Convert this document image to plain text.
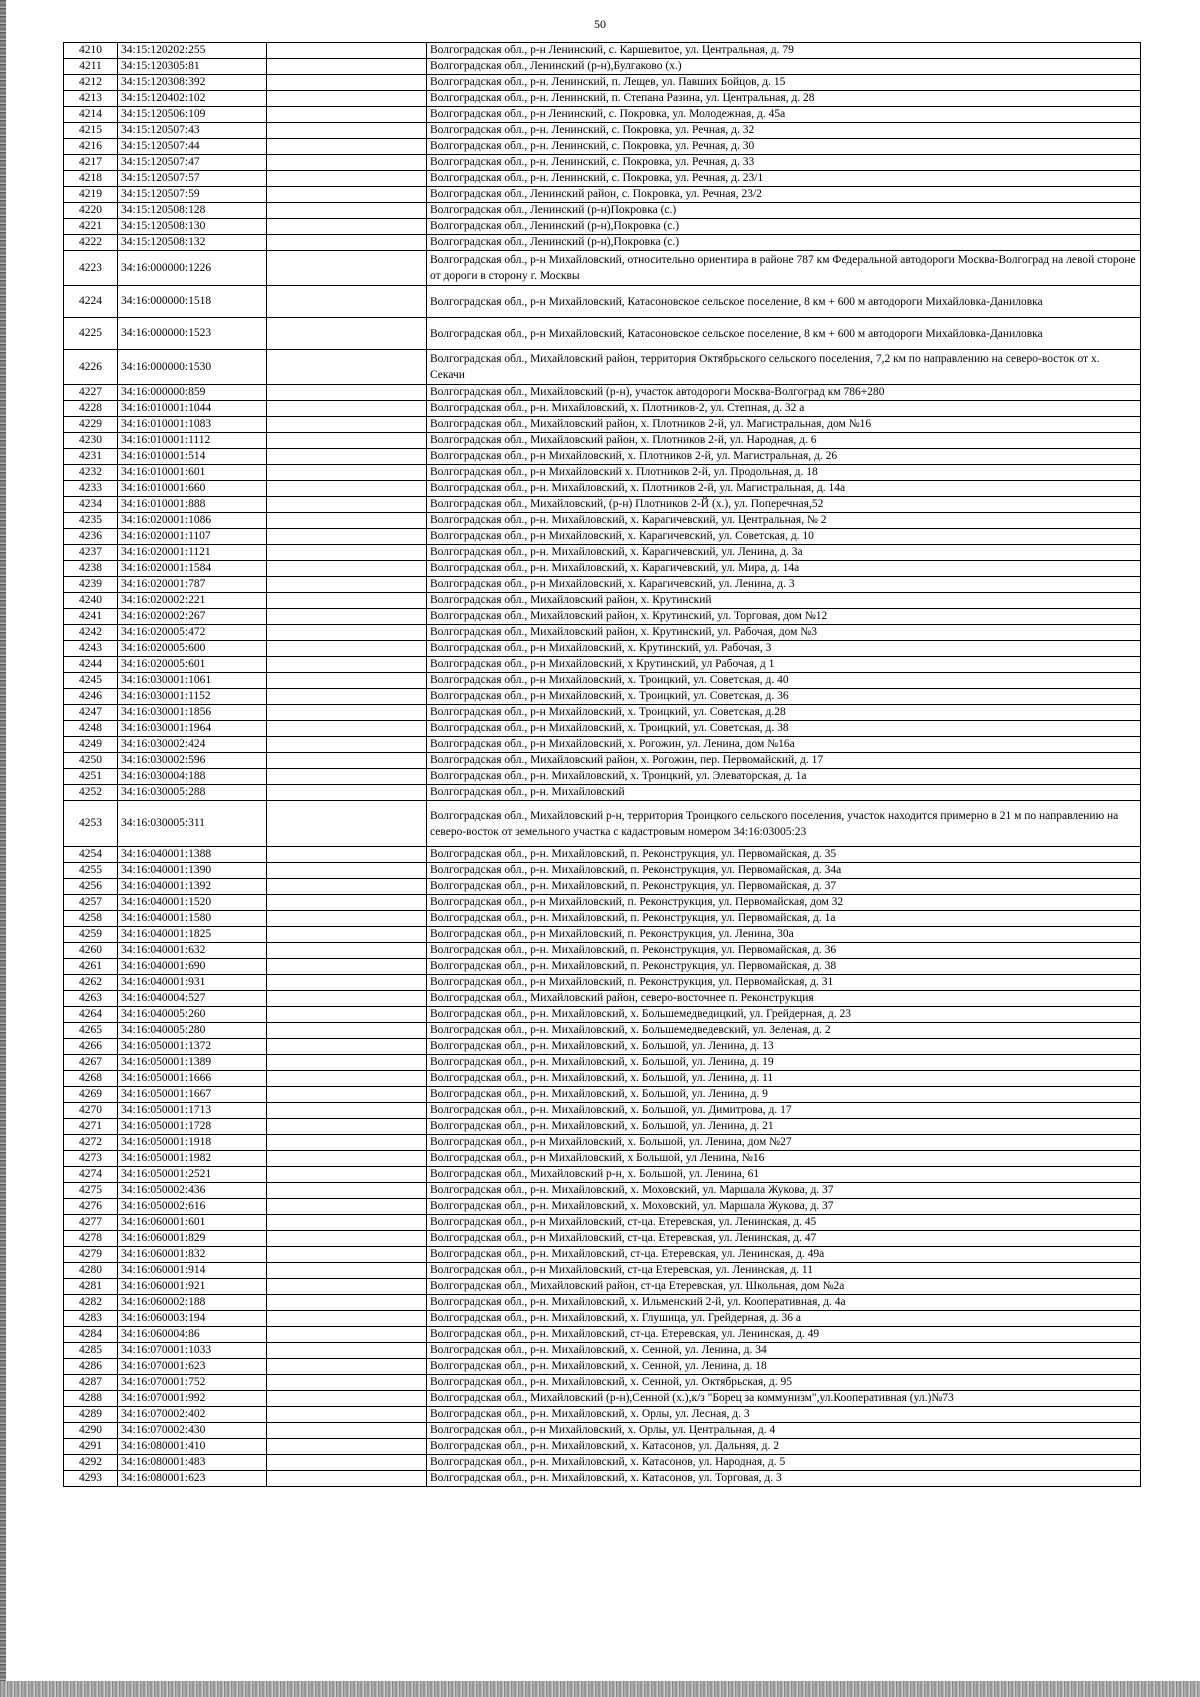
50
4210	34:15:120202:255		Волгоградская обл., р-н Ленинский, с. Каршевитое, ул. Центральная, д. 79
4211	34:15:120305:81		Волгоградская обл., Ленинский (р-н),Булгаково (х.)
4212	34:15:120308:392		Волгоградская обл., р-н. Ленинский, п. Лещев, ул. Павших Бойцов, д. 15
4213	34:15:120402:102		Волгоградская обл., р-н. Ленинский, п. Степана Разина, ул. Центральная, д. 28
4214	34:15:120506:109		Волгоградская обл., р-н Ленинский, с. Покровка, ул. Молодежная, д. 45а
4215	34:15:120507:43		Волгоградская обл., р-н. Ленинский, с. Покровка, ул. Речная, д. 32
4216	34:15:120507:44		Волгоградская обл., р-н. Ленинский, с. Покровка, ул. Речная, д. 30
4217	34:15:120507:47		Волгоградская обл., р-н. Ленинский, с. Покровка, ул. Речная, д. 33
4218	34:15:120507:57		Волгоградская обл., р-н. Ленинский, с. Покровка, ул. Речная, д. 23/1
4219	34:15:120507:59		Волгоградская обл., Ленинский район, с. Покровка, ул. Речная, 23/2
4220	34:15:120508:128		Волгоградская обл., Ленинский (р-н)Покровка (с.)
4221	34:15:120508:130		Волгоградская обл., Ленинский (р-н),Покровка (с.)
4222	34:15:120508:132		Волгоградская обл., Ленинский (р-н),Покровка (с.)
4223	34:16:000000:1226		Волгоградская обл., р-н Михайловский, относительно ориентира в районе 787 км Федеральной автодороги Москва-Волгоград на левой стороне от дороги в сторону г. Москвы
4224	34:16:000000:1518		Волгоградская обл., р-н Михайловский, Катасоновское сельское поселение, 8 км + 600 м автодороги Михайловка-Даниловка
4225	34:16:000000:1523		Волгоградская обл., р-н Михайловский, Катасоновское сельское поселение, 8 км + 600 м автодороги Михайловка-Даниловка
4226	34:16:000000:1530		Волгоградская обл., Михайловский район, территория Октябрьского сельского поселения, 7,2 км по направлению на северо-восток от х. Секачи
4227	34:16:000000:859		Волгоградская обл., Михайловский (р-н), участок автодороги Москва-Волгоград км 786+280
4228	34:16:010001:1044		Волгоградская обл., р-н. Михайловский, х. Плотников-2, ул. Степная, д. 32 а
4229	34:16:010001:1083		Волгоградская обл., Михайловский район, х. Плотников 2-й, ул. Магистральная, дом №16
4230	34:16:010001:1112		Волгоградская обл., Михайловский район, х. Плотников 2-й, ул. Народная, д. 6
4231	34:16:010001:514		Волгоградская обл., р-н Михайловский, х. Плотников 2-й, ул. Магистральная, д. 26
4232	34:16:010001:601		Волгоградская обл., р-н Михайловский х. Плотников 2-й, ул. Продольная, д. 18
4233	34:16:010001:660		Волгоградская обл., р-н. Михайловский, х. Плотников 2-й, ул. Магистральная, д. 14а
4234	34:16:010001:888		Волгоградская обл., Михайловский, (р-н) Плотников 2-Й (х.), ул. Поперечная,52
4235	34:16:020001:1086		Волгоградская обл., р-н. Михайловский, х. Карагичевский, ул. Центральная, № 2
4236	34:16:020001:1107		Волгоградская обл., р-н Михайловский, х. Карагичевский, ул. Советская, д. 10
4237	34:16:020001:1121		Волгоградская обл., р-н. Михайловский, х. Карагичевский, ул. Ленина, д. 3а
4238	34:16:020001:1584		Волгоградская обл., р-н. Михайловский, х. Карагичевский, ул. Мира, д. 14а
4239	34:16:020001:787		Волгоградская обл., р-н Михайловский, х. Карагичевский, ул. Ленина, д. 3
4240	34:16:020002:221		Волгоградская обл., Михайловский район, х. Крутинский
4241	34:16:020002:267		Волгоградская обл., Михайловский район, х. Крутинский, ул. Торговая, дом №12
4242	34:16:020005:472		Волгоградская обл., Михайловский район, х. Крутинский, ул. Рабочая, дом №3
4243	34:16:020005:600		Волгоградская обл., р-н Михайловский, х. Крутинский, ул. Рабочая, 3
4244	34:16:020005:601		Волгоградская обл., р-н Михайловский, х Крутинский, ул Рабочая, д 1
4245	34:16:030001:1061		Волгоградская обл., р-н Михайловский, х. Троицкий, ул. Советская, д. 40
4246	34:16:030001:1152		Волгоградская обл., р-н Михайловский, х. Троицкий, ул. Советская, д. 36
4247	34:16:030001:1856		Волгоградская обл., р-н Михайловский, х. Троицкий, ул. Советская, д.28
4248	34:16:030001:1964		Волгоградская обл., р-н Михайловский, х. Троицкий, ул. Советская, д. 38
4249	34:16:030002:424		Волгоградская обл., р-н Михайловский, х. Рогожин, ул. Ленина, дом №16а
4250	34:16:030002:596		Волгоградская обл., Михайловский район, х. Рогожин, пер. Первомайский, д. 17
4251	34:16:030004:188		Волгоградская обл., р-н. Михайловский, х. Троицкий, ул. Элеваторская, д. 1а
4252	34:16:030005:288		Волгоградская обл., р-н. Михайловский
4253	34:16:030005:311		Волгоградская обл., Михайловский р-н, территория Троицкого сельского поселения, участок находится примерно в 21 м по направлению на северо-восток от земельного участка с кадастровым номером 34:16:03005:23
4254	34:16:040001:1388		Волгоградская обл., р-н. Михайловский, п. Реконструкция, ул. Первомайская, д. 35
4255	34:16:040001:1390		Волгоградская обл., р-н. Михайловский, п. Реконструкция, ул. Первомайская, д. 34а
4256	34:16:040001:1392		Волгоградская обл., р-н. Михайловский, п. Реконструкция, ул. Первомайская, д. 37
4257	34:16:040001:1520		Волгоградская обл., р-н Михайловский, п. Реконструкция, ул. Первомайская, дом 32
4258	34:16:040001:1580		Волгоградская обл., р-н. Михайловский, п. Реконструкция, ул. Первомайская, д. 1а
4259	34:16:040001:1825		Волгоградская обл., р-н Михайловский, п. Реконструкция, ул. Ленина, 30а
4260	34:16:040001:632		Волгоградская обл., р-н. Михайловский, п. Реконструкция, ул. Первомайская, д. 36
4261	34:16:040001:690		Волгоградская обл., р-н. Михайловский, п. Реконструкция, ул. Первомайская, д. 38
4262	34:16:040001:931		Волгоградская обл., р-н Михайловский, п. Реконструкция, ул. Первомайская, д. 31
4263	34:16:040004:527		Волгоградская обл., Михайловский район, северо-восточнее п. Реконструкция
4264	34:16:040005:260		Волгоградская обл., р-н. Михайловский, х. Большемедведицкий, ул. Грейдерная, д. 23
4265	34:16:040005:280		Волгоградская обл., р-н. Михайловский, х. Большемедведевский, ул. Зеленая, д. 2
4266	34:16:050001:1372		Волгоградская обл., р-н. Михайловский, х. Большой, ул. Ленина, д. 13
4267	34:16:050001:1389		Волгоградская обл., р-н. Михайловский, х. Большой, ул. Ленина, д. 19
4268	34:16:050001:1666		Волгоградская обл., р-н. Михайловский, х. Большой, ул. Ленина, д. 11
4269	34:16:050001:1667		Волгоградская обл., р-н. Михайловский, х. Большой, ул. Ленина, д. 9
4270	34:16:050001:1713		Волгоградская обл., р-н. Михайловский, х. Большой, ул. Димитрова, д. 17
4271	34:16:050001:1728		Волгоградская обл., р-н. Михайловский, х. Большой, ул. Ленина, д. 21
4272	34:16:050001:1918		Волгоградская обл., р-н Михайловский, х. Большой, ул. Ленина, дом №27
4273	34:16:050001:1982		Волгоградская обл., р-н Михайловский, х Большой, ул Ленина, №16
4274	34:16:050001:2521		Волгоградская обл., Михайловский р-н, х. Большой, ул. Ленина, 61
4275	34:16:050002:436		Волгоградская обл., р-н. Михайловский, х. Моховский, ул. Маршала Жукова, д. 37
4276	34:16:050002:616		Волгоградская обл., р-н. Михайловский, х. Моховский, ул. Маршала Жукова, д. 37
4277	34:16:060001:601		Волгоградская обл., р-н Михайловский, ст-ца. Етеревская, ул. Ленинская, д. 45
4278	34:16:060001:829		Волгоградская обл., р-н Михайловский, ст-ца. Етеревская, ул. Ленинская, д. 47
4279	34:16:060001:832		Волгоградская обл., р-н. Михайловский, ст-ца. Етеревская, ул. Ленинская, д. 49а
4280	34:16:060001:914		Волгоградская обл., р-н Михайловский, ст-ца Етеревская, ул. Ленинская, д. 11
4281	34:16:060001:921		Волгоградская обл., Михайловский район, ст-ца Етеревская, ул. Школьная, дом №2а
4282	34:16:060002:188		Волгоградская обл., р-н. Михайловский, х. Ильменский 2-й, ул. Кооперативная, д. 4а
4283	34:16:060003:194		Волгоградская обл., р-н. Михайловский, х. Глушица, ул. Грейдерная, д. 36 а
4284	34:16:060004:86		Волгоградская обл., р-н. Михайловский, ст-ца. Етеревская, ул. Ленинская, д. 49
4285	34:16:070001:1033		Волгоградская обл., р-н. Михайловский, х. Сенной, ул. Ленина, д. 34
4286	34:16:070001:623		Волгоградская обл., р-н. Михайловский, х. Сенной, ул. Ленина, д. 18
4287	34:16:070001:752		Волгоградская обл., р-н. Михайловский, х. Сенной, ул. Октябрьская, д. 95
4288	34:16:070001:992		Волгоградская обл., Михайловский (р-н),Сенной (х.),к/з "Борец за коммунизм",ул.Кооперативная (ул.)№73
4289	34:16:070002:402		Волгоградская обл., р-н. Михайловский, х. Орлы, ул. Лесная, д. 3
4290	34:16:070002:430		Волгоградская обл., р-н Михайловский, х. Орлы, ул. Центральная, д. 4
4291	34:16:080001:410		Волгоградская обл., р-н. Михайловский, х. Катасонов, ул. Дальняя, д. 2
4292	34:16:080001:483		Волгоградская обл., р-н. Михайловский, х. Катасонов, ул. Народная, д. 5
4293	34:16:080001:623		Волгоградская обл., р-н. Михайловский, х. Катасонов, ул. Торговая, д. 3
